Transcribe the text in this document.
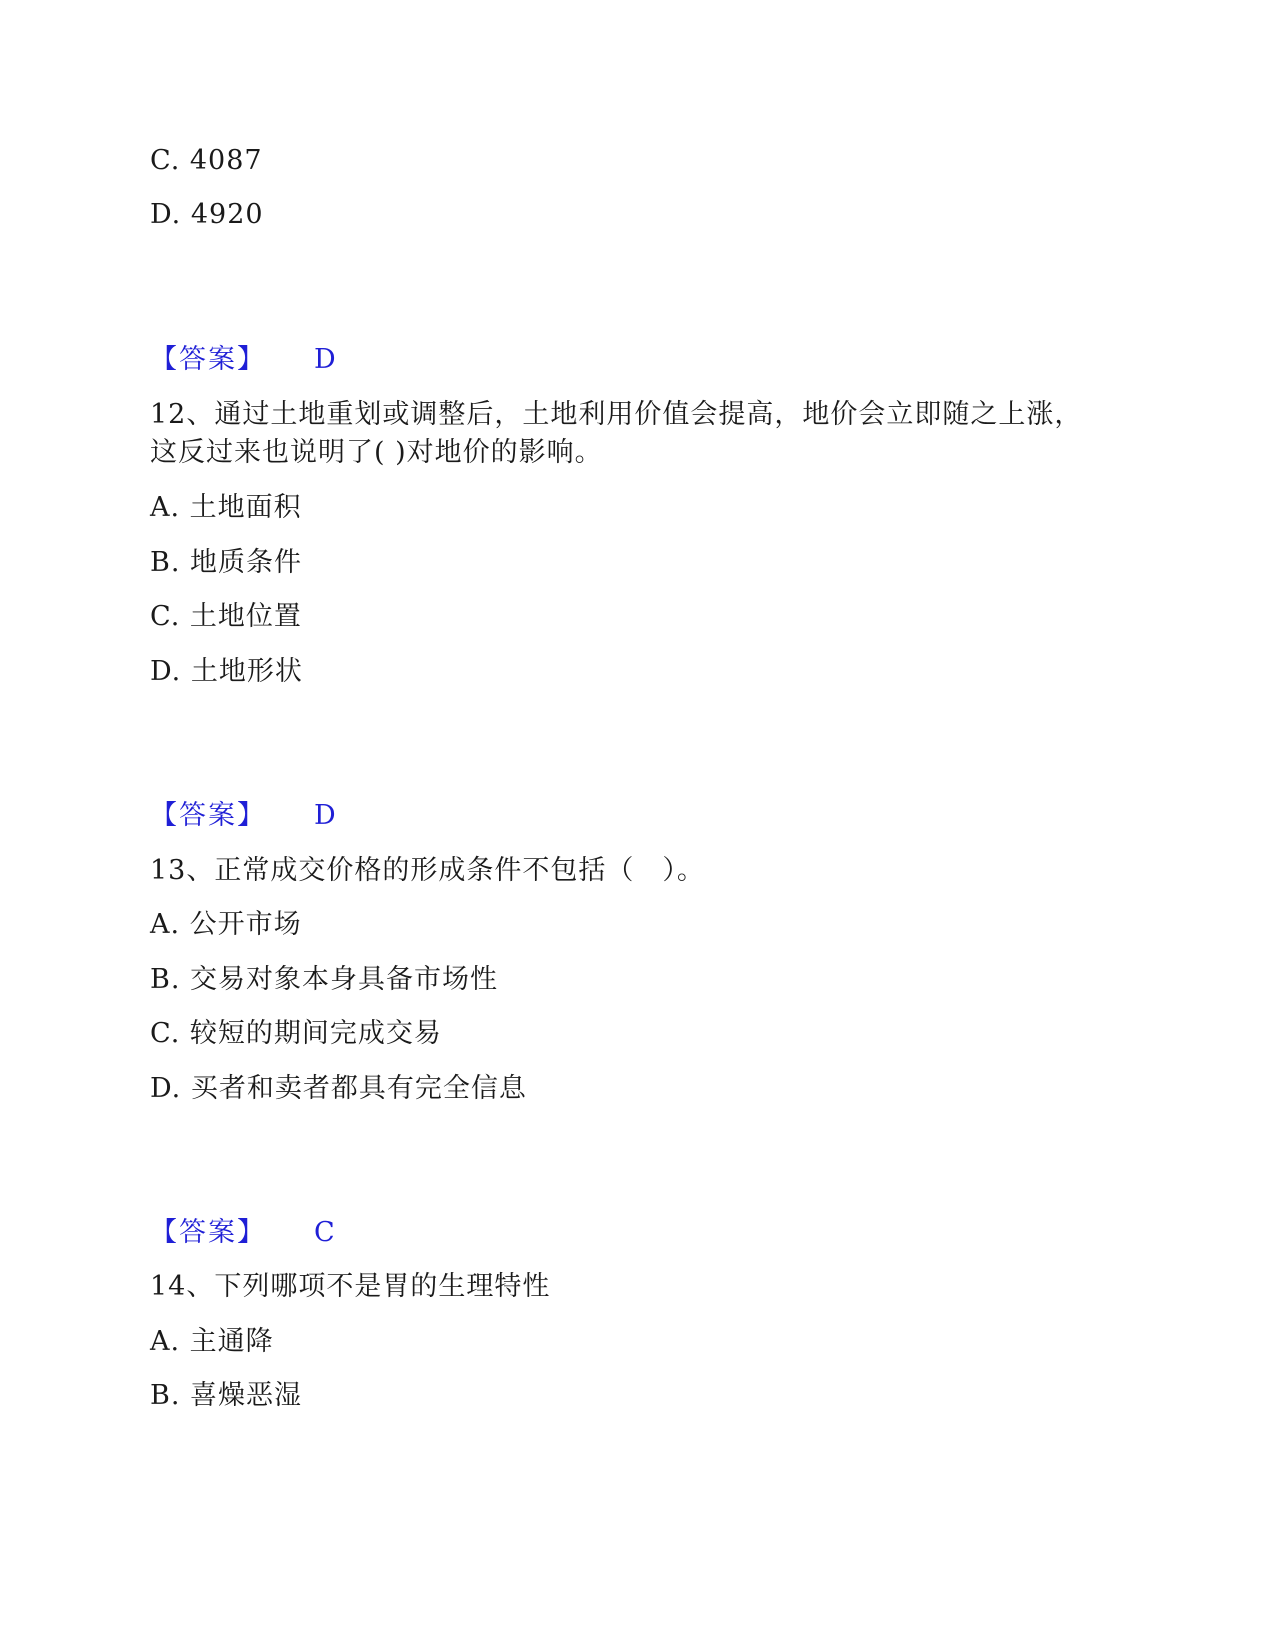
C. 4087
D. 4920
【答案】 D
12、通过土地重划或调整后，土地利用价值会提高，地价会立即随之上涨，
这反过来也说明了( )对地价的影响。
A. 土地面积
B. 地质条件
C. 土地位置
D. 土地形状
【答案】 D
13、正常成交价格的形成条件不包括（　）。
A. 公开市场
B. 交易对象本身具备市场性
C. 较短的期间完成交易
D. 买者和卖者都具有完全信息
【答案】 C
14、下列哪项不是胃的生理特性
A. 主通降
B. 喜燥恶湿
